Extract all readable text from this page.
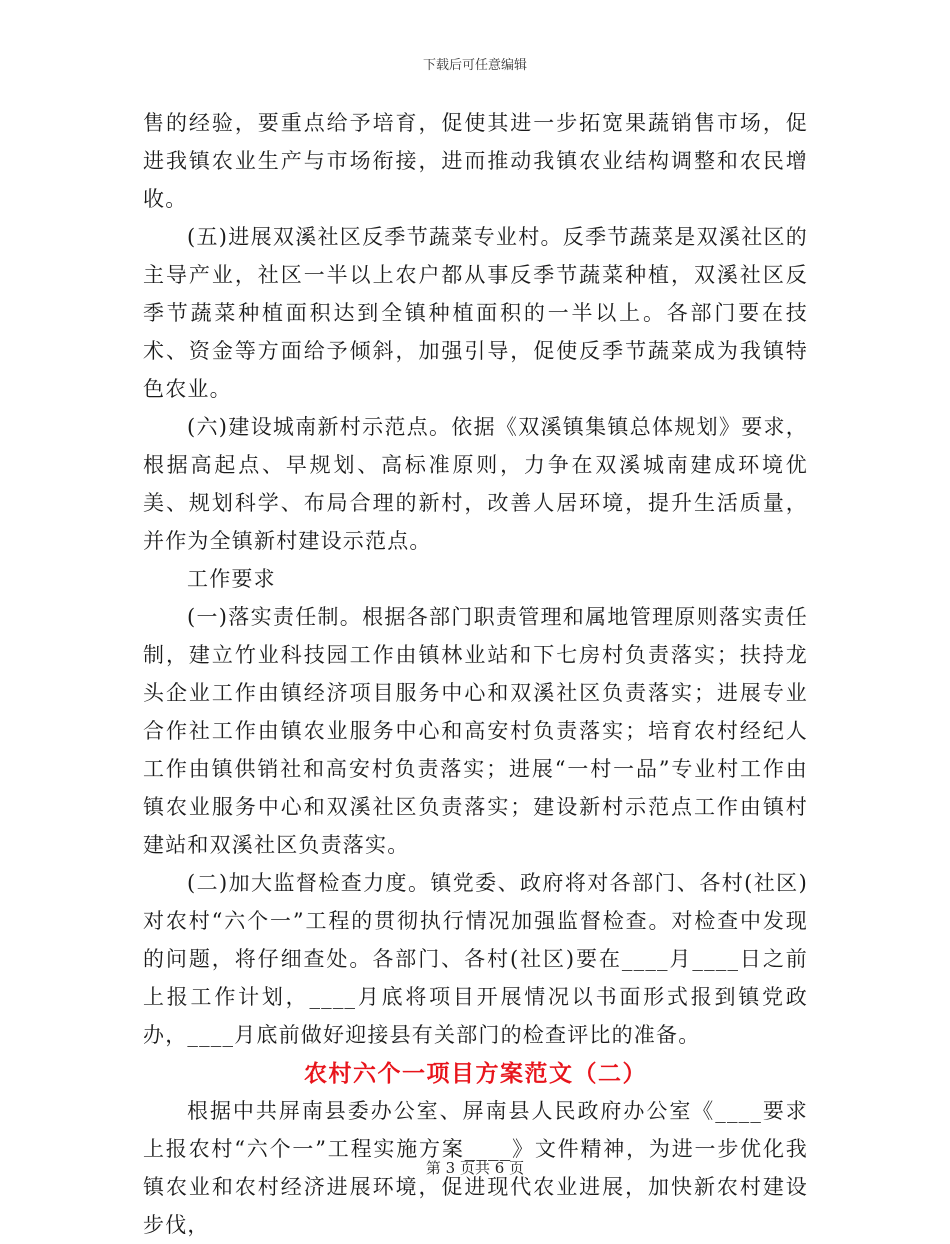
下载后可任意编辑

售的经验，要重点给予培育，促使其进一步拓宽果蔬销售市场，促进我镇农业生产与市场衔接，进而推动我镇农业结构调整和农民增收。

(五)进展双溪社区反季节蔬菜专业村。反季节蔬菜是双溪社区的主导产业，社区一半以上农户都从事反季节蔬菜种植，双溪社区反季节蔬菜种植面积达到全镇种植面积的一半以上。各部门要在技术、资金等方面给予倾斜，加强引导，促使反季节蔬菜成为我镇特色农业。

(六)建设城南新村示范点。依据《双溪镇集镇总体规划》要求，根据高起点、早规划、高标准原则，力争在双溪城南建成环境优美、规划科学、布局合理的新村，改善人居环境，提升生活质量，并作为全镇新村建设示范点。

工作要求

(一)落实责任制。根据各部门职责管理和属地管理原则落实责任制，建立竹业科技园工作由镇林业站和下七房村负责落实；扶持龙头企业工作由镇经济项目服务中心和双溪社区负责落实；进展专业合作社工作由镇农业服务中心和高安村负责落实；培育农村经纪人工作由镇供销社和高安村负责落实；进展“一村一品”专业村工作由镇农业服务中心和双溪社区负责落实；建设新村示范点工作由镇村建站和双溪社区负责落实。

(二)加大监督检查力度。镇党委、政府将对各部门、各村(社区)对农村“六个一”工程的贯彻执行情况加强监督检查。对检查中发现的问题，将仔细查处。各部门、各村(社区)要在____月____日之前上报工作计划，____月底将项目开展情况以书面形式报到镇党政办，____月底前做好迎接县有关部门的检查评比的准备。

农村六个一项目方案范文（二）

根据中共屏南县委办公室、屏南县人民政府办公室《____要求上报农村“六个一”工程实施方案____》文件精神，为进一步优化我镇农业和农村经济进展环境，促进现代农业进展，加快新农村建设步伐，

第 3 页共 6 页
